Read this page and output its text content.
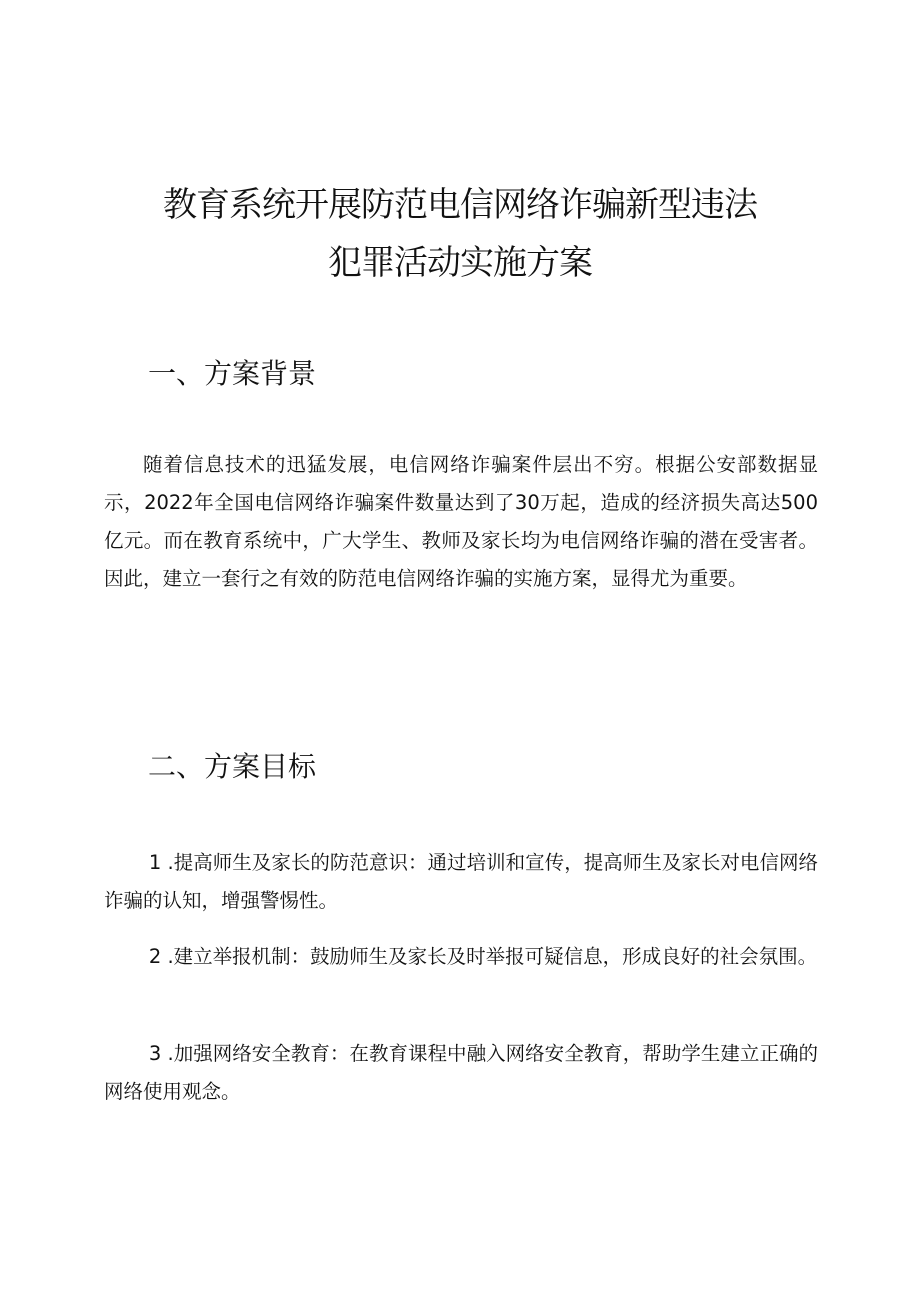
教育系统开展防范电信网络诈骗新型违法
犯罪活动实施方案
一、方案背景
随着信息技术的迅猛发展，电信网络诈骗案件层出不穷。根据公安部数据显示，2022年全国电信网络诈骗案件数量达到了30万起，造成的经济损失高达500亿元。而在教育系统中，广大学生、教师及家长均为电信网络诈骗的潜在受害者。因此，建立一套行之有效的防范电信网络诈骗的实施方案，显得尤为重要。
二、方案目标
1 .提高师生及家长的防范意识：通过培训和宣传，提高师生及家长对电信网络诈骗的认知，增强警惕性。
2 .建立举报机制：鼓励师生及家长及时举报可疑信息，形成良好的社会氛围。
3 .加强网络安全教育：在教育课程中融入网络安全教育，帮助学生建立正确的网络使用观念。
